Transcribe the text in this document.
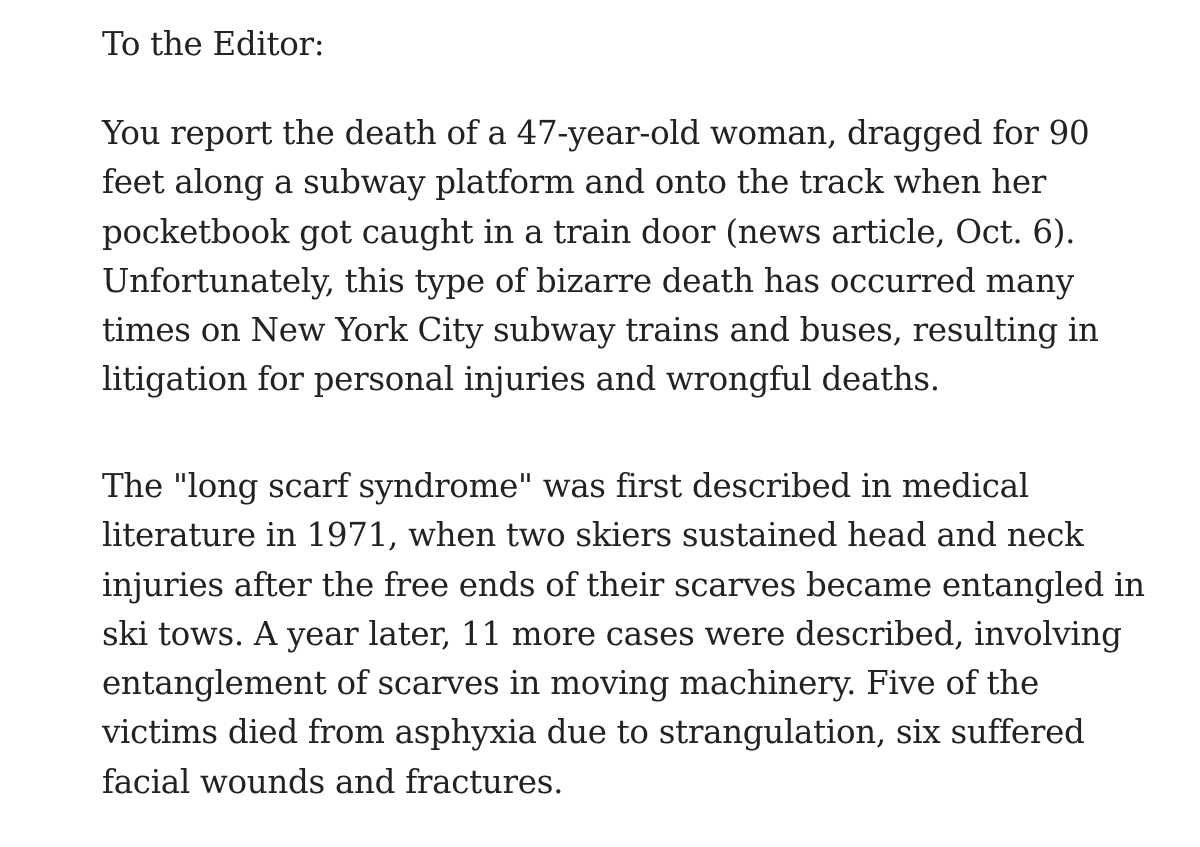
To the Editor:

You report the death of a 47-year-old woman, dragged for 90
feet along a subway platform and onto the track when her
pocketbook got caught in a train door (news article, Oct. 6).
Unfortunately, this type of bizarre death has occurred many
times on New York City subway trains and buses, resulting in
litigation for personal injuries and wrongful deaths.

The "long scarf syndrome" was first described in medical
literature in 1971, when two skiers sustained head and neck
injuries after the free ends of their scarves became entangled in
ski tows. A year later, 11 more cases were described, involving
entanglement of scarves in moving machinery. Five of the
victims died from asphyxia due to strangulation, six suffered
facial wounds and fractures.
